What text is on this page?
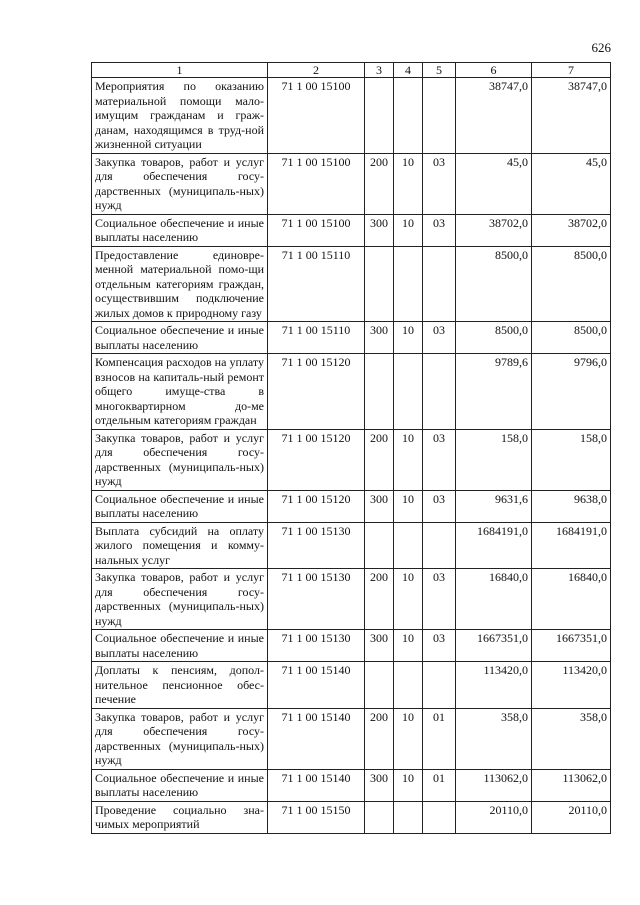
626
1	2	3	4	5	6	7
Мероприятия по оказанию материальной помощи мало-имущим гражданам и граж-данам, находящимся в труд-ной жизненной ситуации	71 1 00 15100				38747,0	38747,0
Закупка товаров, работ и услуг для обеспечения госу-дарственных (муниципаль-ных) нужд	71 1 00 15100	200	10	03	45,0	45,0
Социальное обеспечение и иные выплаты населению	71 1 00 15100	300	10	03	38702,0	38702,0
Предоставление единовре-менной материальной помо-щи отдельным категориям граждан, осуществившим подключение жилых домов к природному газу	71 1 00 15110				8500,0	8500,0
Социальное обеспечение и иные выплаты населению	71 1 00 15110	300	10	03	8500,0	8500,0
Компенсация расходов на уплату взносов на капиталь-ный ремонт общего имуще-ства в многоквартирном до-ме отдельным категориям граждан	71 1 00 15120				9789,6	9796,0
Закупка товаров, работ и услуг для обеспечения госу-дарственных (муниципаль-ных) нужд	71 1 00 15120	200	10	03	158,0	158,0
Социальное обеспечение и иные выплаты населению	71 1 00 15120	300	10	03	9631,6	9638,0
Выплата субсидий на оплату жилого помещения и комму-нальных услуг	71 1 00 15130				1684191,0	1684191,0
Закупка товаров, работ и услуг для обеспечения госу-дарственных (муниципаль-ных) нужд	71 1 00 15130	200	10	03	16840,0	16840,0
Социальное обеспечение и иные выплаты населению	71 1 00 15130	300	10	03	1667351,0	1667351,0
Доплаты к пенсиям, допол-нительное пенсионное обес-печение	71 1 00 15140				113420,0	113420,0
Закупка товаров, работ и услуг для обеспечения госу-дарственных (муниципаль-ных) нужд	71 1 00 15140	200	10	01	358,0	358,0
Социальное обеспечение и иные выплаты населению	71 1 00 15140	300	10	01	113062,0	113062,0
Проведение социально зна-чимых мероприятий	71 1 00 15150				20110,0	20110,0
